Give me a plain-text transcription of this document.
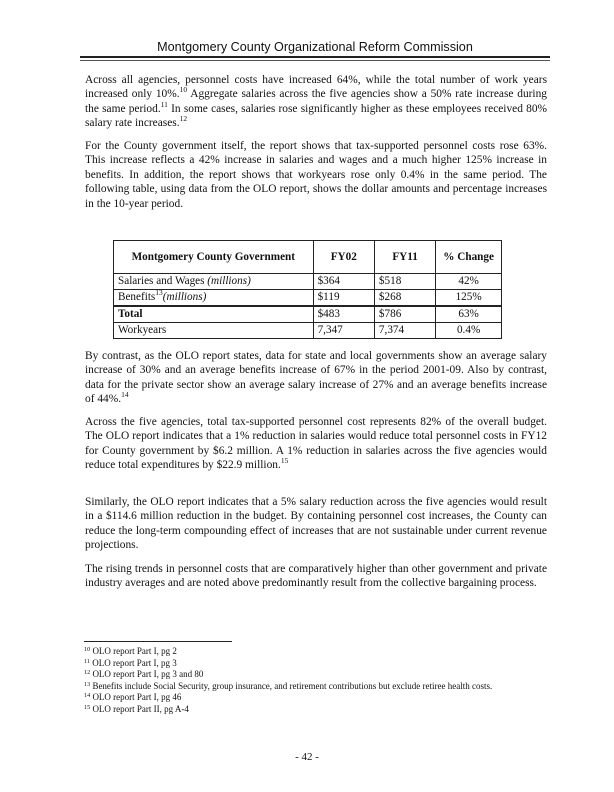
Montgomery County Organizational Reform Commission

Across all agencies, personnel costs have increased 64%, while the total number of work years increased only 10%.$^{10}$ Aggregate salaries across the five agencies show a 50% rate increase during the same period.$^{11}$ In some cases, salaries rose significantly higher as these employees received 80% salary rate increases.$^{12}$

For the County government itself, the report shows that tax-supported personnel costs rose 63%. This increase reflects a 42% increase in salaries and wages and a much higher 125% increase in benefits. In addition, the report shows that workyears rose only 0.4% in the same period. The following table, using data from the OLO report, shows the dollar amounts and percentage increases in the 10-year period.

Montgomery County Government	FY02	FY11	% Change
Salaries and Wages (millions)	$364	$518	42%
Benefits$^{13}$(millions)	$119	$268	125%
Total	$483	$786	63%
Workyears	7,347	7,374	0.4%

By contrast, as the OLO report states, data for state and local governments show an average salary increase of 30% and an average benefits increase of 67% in the period 2001-09. Also by contrast, data for the private sector show an average salary increase of 27% and an average benefits increase of 44%.$^{14}$

Across the five agencies, total tax-supported personnel cost represents 82% of the overall budget. The OLO report indicates that a 1% reduction in salaries would reduce total personnel costs in FY12 for County government by $6.2 million. A 1% reduction in salaries across the five agencies would reduce total expenditures by $22.9 million.$^{15}$

Similarly, the OLO report indicates that a 5% salary reduction across the five agencies would result in a $114.6 million reduction in the budget. By containing personnel cost increases, the County can reduce the long-term compounding effect of increases that are not sustainable under current revenue projections.

The rising trends in personnel costs that are comparatively higher than other government and private industry averages and are noted above predominantly result from the collective bargaining process.

$^{10}$ OLO report Part I, pg 2
$^{11}$ OLO report Part I, pg 3
$^{12}$ OLO report Part I, pg 3 and 80
$^{13}$ Benefits include Social Security, group insurance, and retirement contributions but exclude retiree health costs.
$^{14}$ OLO report Part I, pg 46
$^{15}$ OLO report Part II, pg A-4
- 42 -
